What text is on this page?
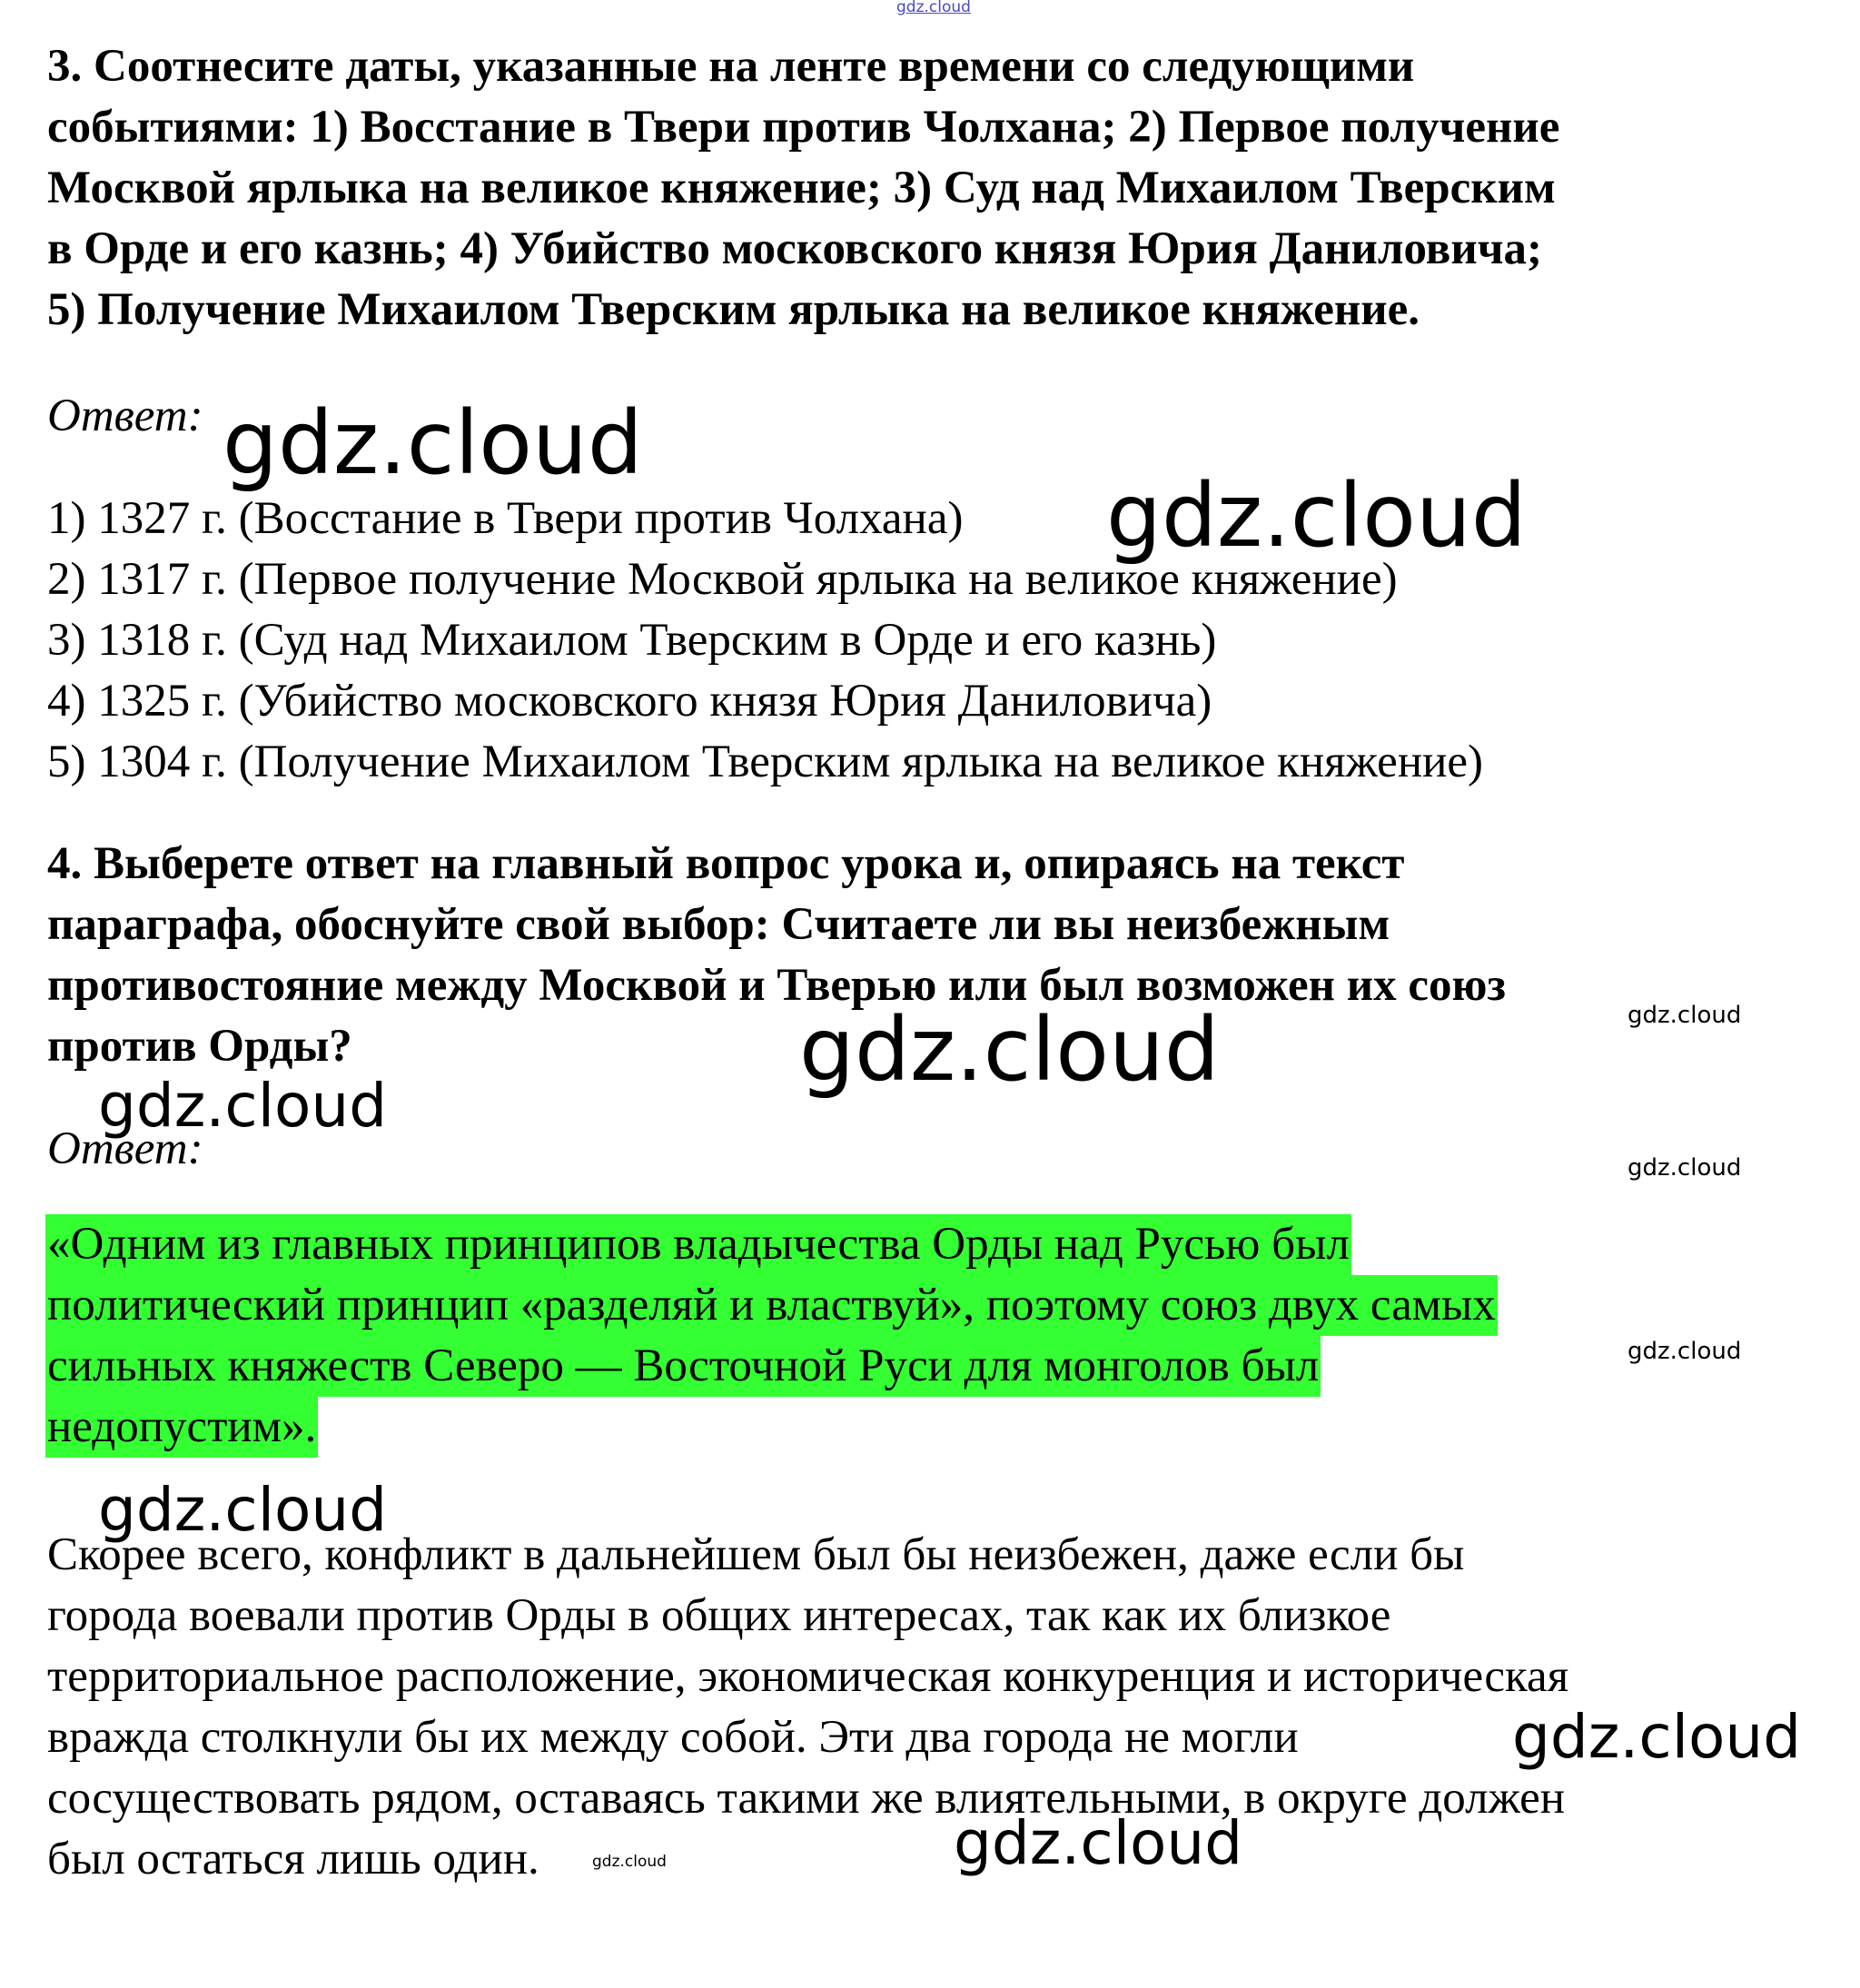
gdz.cloud
3. Соотнесите даты, указанные на ленте времени со следующими
событиями: 1) Восстание в Твери против Чолхана; 2) Первое получение
Москвой ярлыка на великое княжение; 3) Суд над Михаилом Тверским
в Орде и его казнь; 4) Убийство московского князя Юрия Даниловича;
5) Получение Михаилом Тверским ярлыка на великое княжение.
Ответ:
1) 1327 г. (Восстание в Твери против Чолхана)
2) 1317 г. (Первое получение Москвой ярлыка на великое княжение)
3) 1318 г. (Суд над Михаилом Тверским в Орде и его казнь)
4) 1325 г. (Убийство московского князя Юрия Даниловича)
5) 1304 г. (Получение Михаилом Тверским ярлыка на великое княжение)
4. Выберете ответ на главный вопрос урока и, опираясь на текст
параграфа, обоснуйте свой выбор: Считаете ли вы неизбежным
противостояние между Москвой и Тверью или был возможен их союз
против Орды?
Ответ:
«Одним из главных принципов владычества Орды над Русью был
политический принцип «разделяй и властвуй», поэтому союз двух самых
сильных княжеств Северо — Восточной Руси для монголов был
недопустим».
Скорее всего, конфликт в дальнейшем был бы неизбежен, даже если бы
города воевали против Орды в общих интересах, так как их близкое
территориальное расположение, экономическая конкуренция и историческая
вражда столкнули бы их между собой. Эти два города не могли
сосуществовать рядом, оставаясь такими же влиятельными, в округе должен
был остаться лишь один.
gdz.cloud
gdz.cloud
gdz.cloud
gdz.cloud
gdz.cloud
gdz.cloud
gdz.cloud
gdz.cloud
gdz.cloud
gdz.cloud
gdz.cloud
